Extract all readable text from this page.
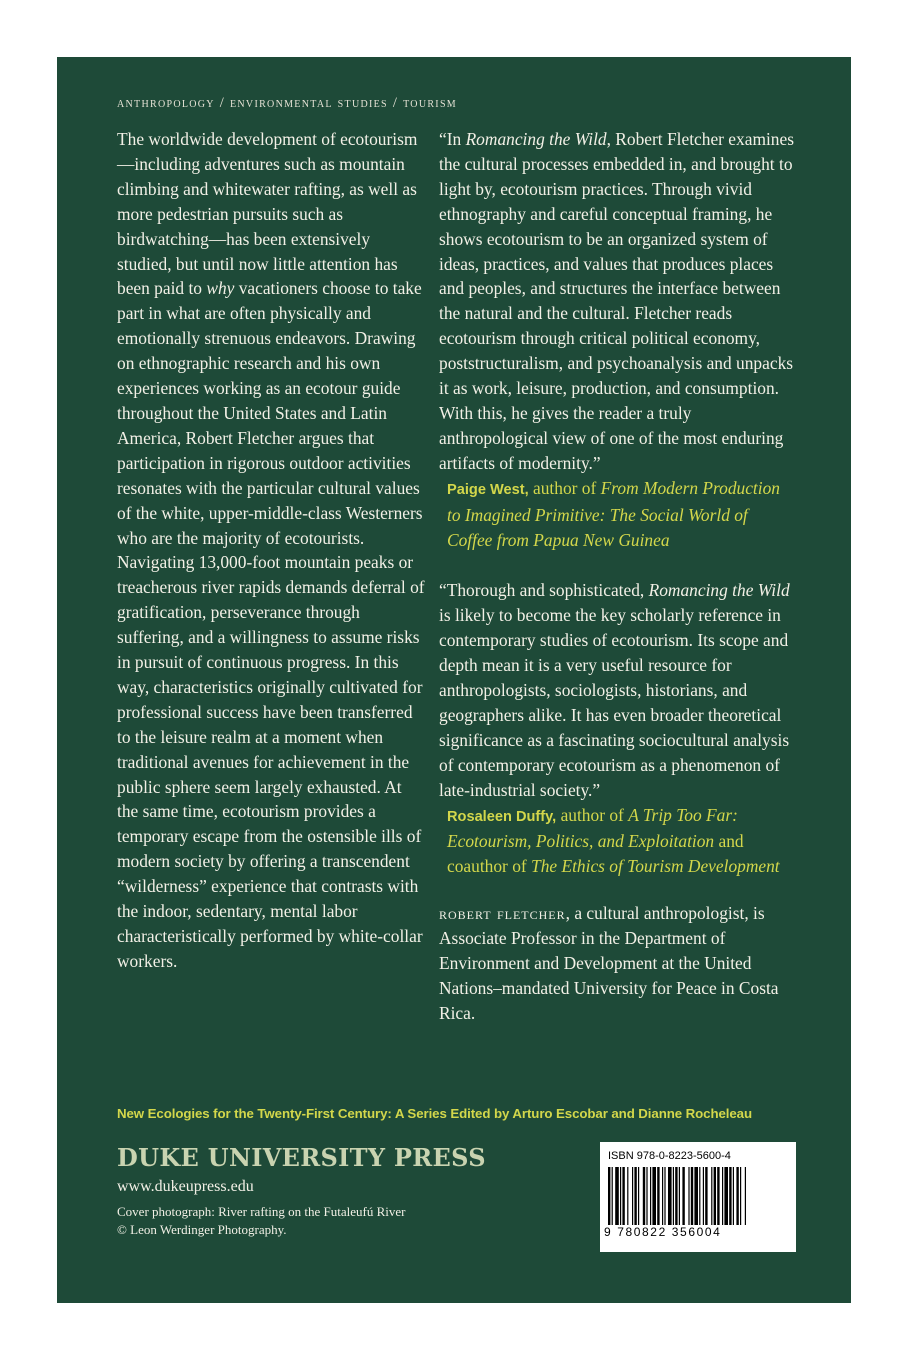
anthropology / environmental studies / tourism

The worldwide development of ecotourism—including adventures such as mountain climbing and whitewater rafting, as well as more pedestrian pursuits such as birdwatching—has been extensively studied, but until now little attention has been paid to why vacationers choose to take part in what are often physically and emotionally strenuous endeavors. Drawing on ethnographic research and his own experiences working as an ecotour guide throughout the United States and Latin America, Robert Fletcher argues that participation in rigorous outdoor activities resonates with the particular cultural values of the white, upper-middle-class Westerners who are the majority of ecotourists. Navigating 13,000-foot mountain peaks or treacherous river rapids demands deferral of gratification, perseverance through suffering, and a willingness to assume risks in pursuit of continuous progress. In this way, characteristics originally cultivated for professional success have been transferred to the leisure realm at a moment when traditional avenues for achievement in the public sphere seem largely exhausted. At the same time, ecotourism provides a temporary escape from the ostensible ills of modern society by offering a transcendent “wilderness” experience that contrasts with the indoor, sedentary, mental labor characteristically performed by white-collar workers.

“In Romancing the Wild, Robert Fletcher examines the cultural processes embedded in, and brought to light by, ecotourism practices. Through vivid ethnography and careful conceptual framing, he shows ecotourism to be an organized system of ideas, practices, and values that produces places and peoples, and structures the interface between the natural and the cultural. Fletcher reads ecotourism through critical political economy, poststructuralism, and psychoanalysis and unpacks it as work, leisure, production, and consumption. With this, he gives the reader a truly anthropological view of one of the most enduring artifacts of modernity.”

Paige West, author of From Modern Production to Imagined Primitive: The Social World of Coffee from Papua New Guinea

“Thorough and sophisticated, Romancing the Wild is likely to become the key scholarly reference in contemporary studies of ecotourism. Its scope and depth mean it is a very useful resource for anthropologists, sociologists, historians, and geographers alike. It has even broader theoretical significance as a fascinating sociocultural analysis of contemporary ecotourism as a phenomenon of late-industrial society.”

Rosaleen Duffy, author of A Trip Too Far: Ecotourism, Politics, and Exploitation and coauthor of The Ethics of Tourism Development

robert fletcher, a cultural anthropologist, is Associate Professor in the Department of Environment and Development at the United Nations–mandated University for Peace in Costa Rica.

New Ecologies for the Twenty-First Century: A Series Edited by Arturo Escobar and Dianne Rocheleau
DUKE UNIVERSITY PRESS
www.dukeupress.edu
Cover photograph: River rafting on the Futaleufú River
© Leon Werdinger Photography.
ISBN 978-0-8223-5600-4
9 780822 356004
